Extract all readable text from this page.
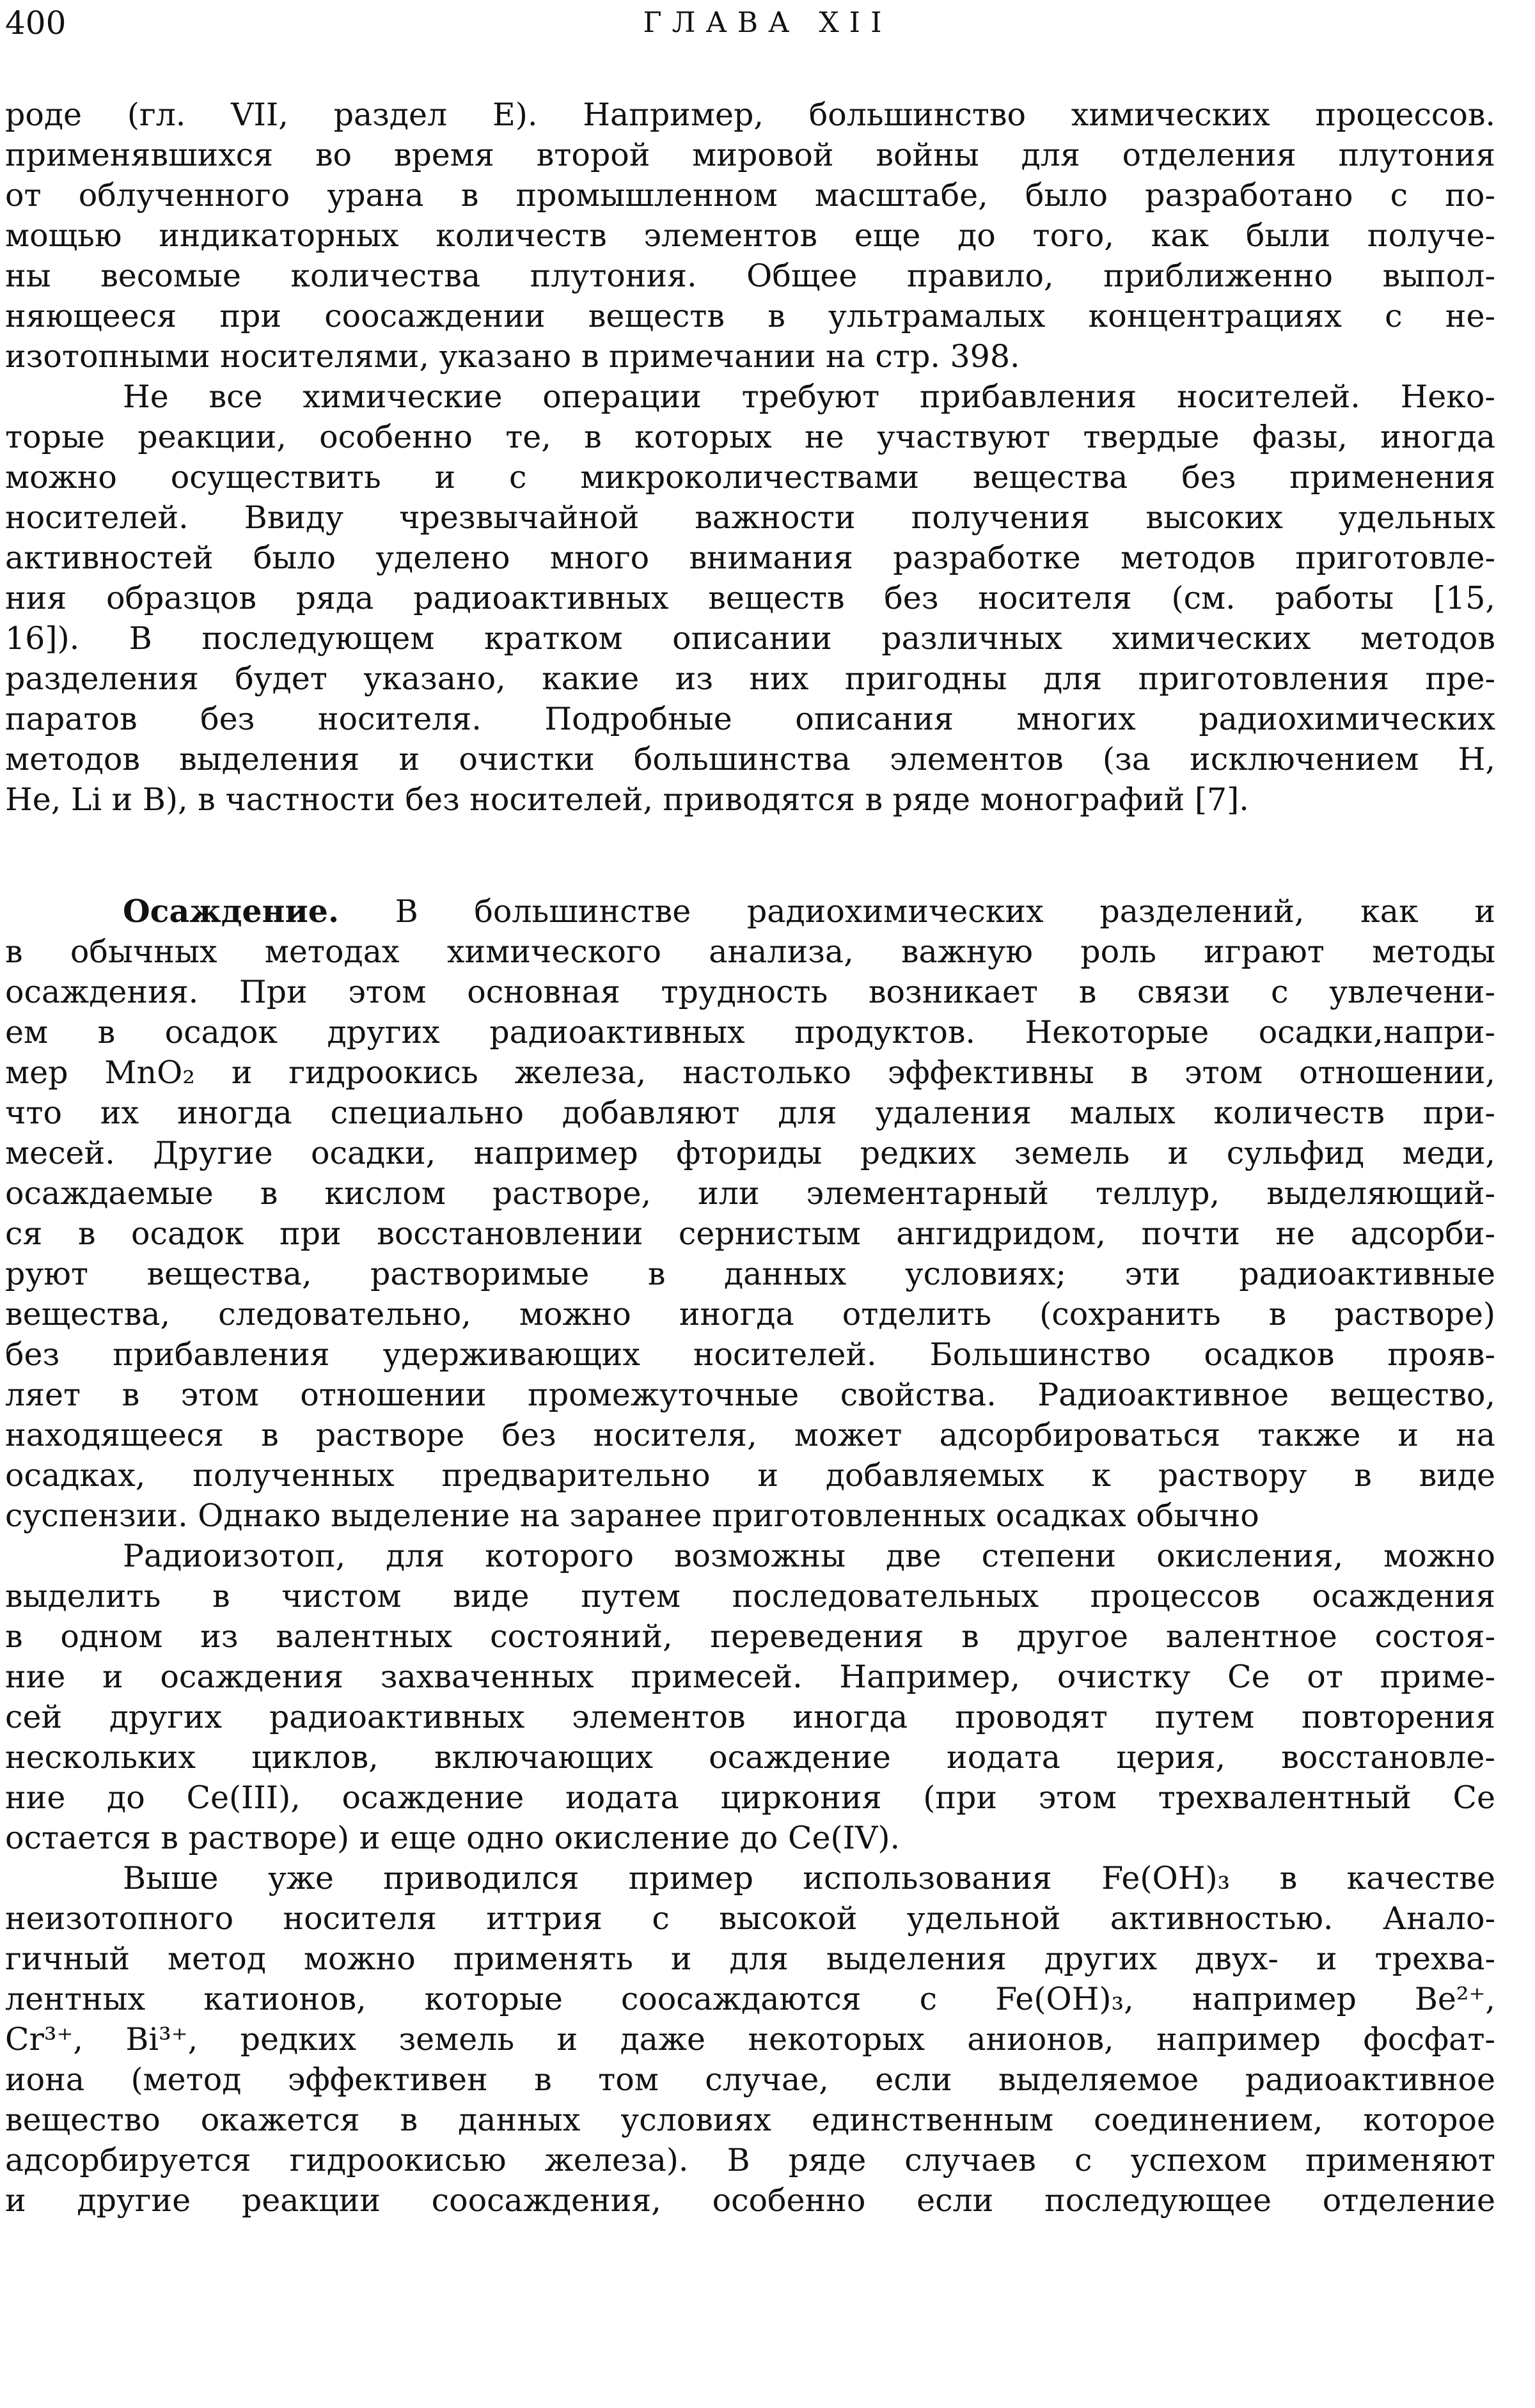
400	ГЛАВА XII

роде (гл. VII, раздел Е). Например, большинство химических процессов.
применявшихся во время второй мировой войны для отделения плутония
от облученного урана в промышленном масштабе, было разработано с по-
мощью индикаторных количеств элементов еще до того, как были получе-
ны весомые количества плутония. Общее правило, приближенно выпол-
няющееся при соосаждении веществ в ультрамалых концентрациях с не-
изотопными носителями, указано в примечании на стр. 398.

Не все химические операции требуют прибавления носителей. Неко-
торые реакции, особенно те, в которых не участвуют твердые фазы, иногда
можно осуществить и с микроколичествами вещества без применения
носителей. Ввиду чрезвычайной важности получения высоких удельных
активностей было уделено много внимания разработке методов приготовле-
ния образцов ряда радиоактивных веществ без носителя (см. работы [15,
16]). В последующем кратком описании различных химических методов
разделения будет указано, какие из них пригодны для приготовления пре-
паратов без носителя. Подробные описания многих радиохимических
методов выделения и очистки большинства элементов (за исключением Н,
Не, Li и В), в частности без носителей, приводятся в ряде монографий [7].

Осаждение. В большинстве радиохимических разделений, как и
в обычных методах химического анализа, важную роль играют методы
осаждения. При этом основная трудность возникает в связи с увлечени-
ем в осадок других радиоактивных продуктов. Некоторые осадки,напри-
мер MnO₂ и гидроокись железа, настолько эффективны в этом отношении,
что их иногда специально добавляют для удаления малых количеств при-
месей. Другие осадки, например фториды редких земель и сульфид меди,
осаждаемые в кислом растворе, или элементарный теллур, выделяющий-
ся в осадок при восстановлении сернистым ангидридом, почти не адсорби-
руют вещества, растворимые в данных условиях; эти радиоактивные
вещества, следовательно, можно иногда отделить (сохранить в растворе)
без прибавления удерживающих носителей. Большинство осадков прояв-
ляет в этом отношении промежуточные свойства. Радиоактивное вещество,
находящееся в растворе без носителя, может адсорбироваться также и на
осадках, полученных предварительно и добавляемых к раствору в виде
суспензии. Однако выделение на заранее приготовленных осадках обычно

Радиоизотоп, для которого возможны две степени окисления, можно
выделить в чистом виде путем последовательных процессов осаждения
в одном из валентных состояний, переведения в другое валентное состоя-
ние и осаждения захваченных примесей. Например, очистку Се от приме-
сей других радиоактивных элементов иногда проводят путем повторения
нескольких циклов, включающих осаждение иодата церия, восстановле-
ние до Ce(III), осаждение иодата циркония (при этом трехвалентный Се
остается в растворе) и еще одно окисление до Ce(IV).

Выше уже приводился пример использования Fe(OH)₃ в качестве
неизотопного носителя иттрия с высокой удельной активностью. Анало-
гичный метод можно применять и для выделения других двух- и трехва-
лентных катионов, которые соосаждаются с Fe(OH)₃, например Be²⁺,
Cr³⁺, Bi³⁺, редких земель и даже некоторых анионов, например фосфат-
иона (метод эффективен в том случае, если выделяемое радиоактивное
вещество окажется в данных условиях единственным соединением, которое
адсорбируется гидроокисью железа). В ряде случаев с успехом применяют
и другие реакции соосаждения, особенно если последующее отделение
